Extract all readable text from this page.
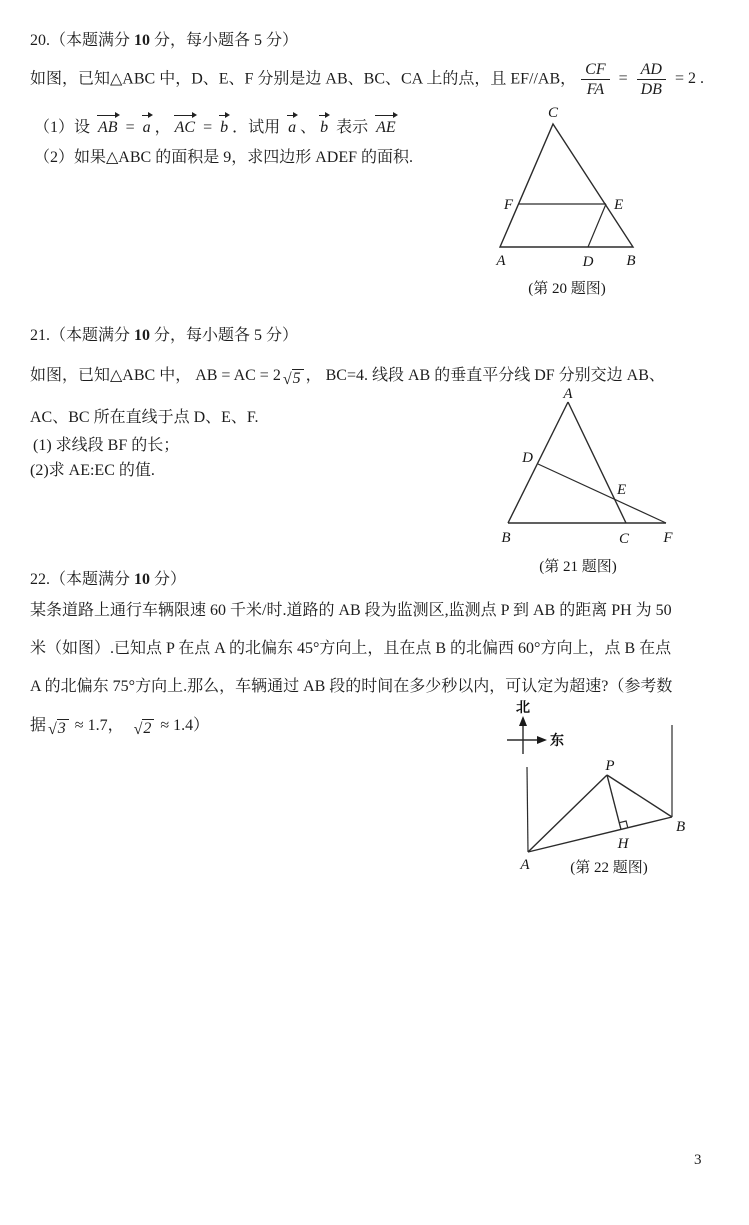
20.（本题满分 10 分，每小题各 5 分）
如图，已知△ABC 中，D、E、F 分别是边 AB、BC、CA 上的点，且 EF//AB， $\frac{CF}{FA} = \frac{AD}{DB} = 2$ .
（1）设 AB = a ， AC = b ．试用 a 、 b 表示 AE
（2）如果△ABC 的面积是 9，求四边形 ADEF 的面积.
C
A	B
D
F	E
(第 20 题图)
21.（本题满分 10 分，每小题各 5 分）
如图，已知△ABC 中， AB = AC = 2 √ 5 ， BC=4. 线段 AB 的垂直平分线 DF 分别交边 AB、
AC、BC 所在直线于点 D、E、F.
(1) 求线段 BF 的长；
(2)求 AE:EC 的值.
A
B	C F
D
E
(第 21 题图)
22.（本题满分 10 分）
某条道路上通行车辆限速 60 千米/时.道路的 AB 段为监测区,监测点 P 到 AB 的距离 PH 为 50
米（如图）.已知点 P 在点 A 的北偏东 45°方向上，且在点 B 的北偏西 60°方向上，点 B 在点
A 的北偏东 75°方向上.那么，车辆通过 AB 段的时间在多少秒以内，可认定为超速?（参考数
据 √ 3 ≈ 1.7， √ 2 ≈ 1.4）
北
东
A
B
P
H
(第 22 题图)
3
